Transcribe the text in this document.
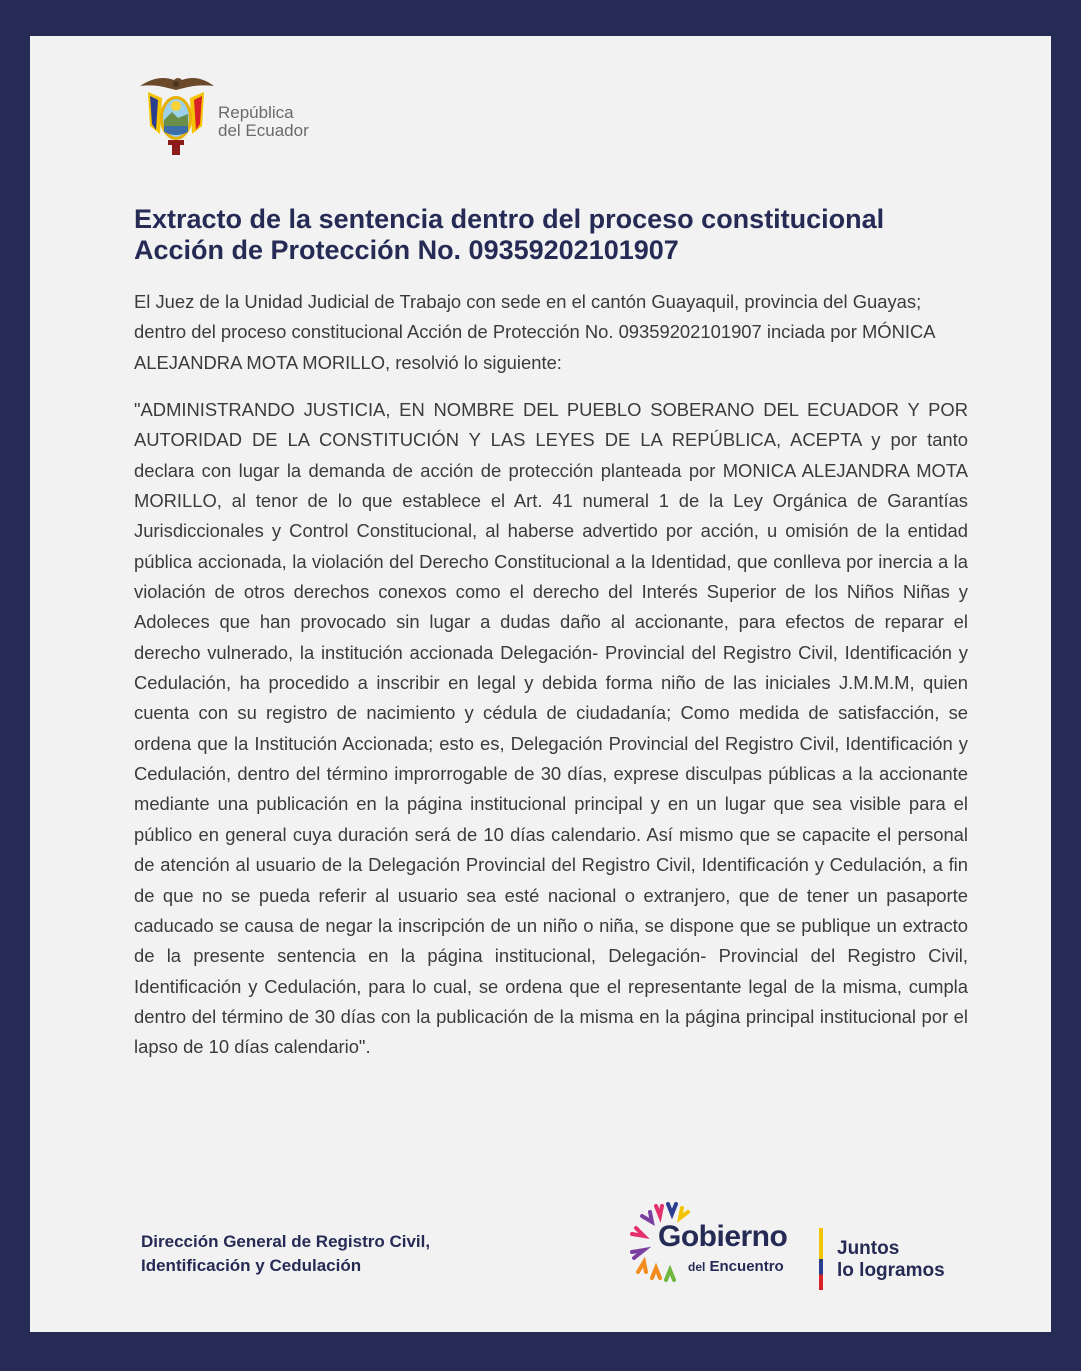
República
del Ecuador
Extracto de la sentencia dentro del proceso constitucional
Acción de Protección No. 09359202101907

El Juez de la Unidad Judicial de Trabajo con sede en el cantón Guayaquil, provincia del Guayas; dentro del proceso constitucional Acción de Protección No. 09359202101907 inciada por MÓNICA ALEJANDRA MOTA MORILLO, resolvió lo siguiente:

"ADMINISTRANDO JUSTICIA, EN NOMBRE DEL PUEBLO SOBERANO DEL ECUADOR Y POR AUTORIDAD DE LA CONSTITUCIÓN Y LAS LEYES DE LA REPÚBLICA, ACEPTA y por tanto declara con lugar la demanda de acción de protección planteada por MONICA ALEJANDRA MOTA MORILLO, al tenor de lo que establece el Art. 41 numeral 1 de la Ley Orgánica de Garantías Jurisdiccionales y Control Constitucional, al haberse advertido por acción, u omisión de la entidad pública accionada, la violación del Derecho Constitucional a la Identidad, que conlleva por inercia a la violación de otros derechos conexos como el derecho del Interés Superior de los Niños Niñas y Adoleces que han provocado sin lugar a dudas daño al accionante, para efectos de reparar el derecho vulnerado, la institución accionada Delegación- Provincial del Registro Civil, Identificación y Cedulación, ha procedido a inscribir en legal y debida forma niño de las iniciales J.M.M.M, quien cuenta con su registro de nacimiento y cédula de ciudadanía; Como medida de satisfacción, se ordena que la Institución Accionada; esto es, Delegación Provincial del Registro Civil, Identificación y Cedulación, dentro del término improrrogable de 30 días, exprese disculpas públicas a la accionante mediante una publicación en la página institucional principal y en un lugar que sea visible para el público en general cuya duración será de 10 días calendario. Así mismo que se capacite el personal de atención al usuario de la Delegación Provincial del Registro Civil, Identificación y Cedulación, a fin de que no se pueda referir al usuario sea esté nacional o extranjero, que de tener un pasaporte caducado se causa de negar la inscripción de un niño o niña, se dispone que se publique un extracto de la presente sentencia en la página institucional, Delegación- Provincial del Registro Civil, Identificación y Cedulación, para lo cual, se ordena que el representante legal de la misma, cumpla dentro del término de 30 días con la publicación de la misma en la página principal institucional por el lapso de 10 días calendario".

Dirección General de Registro Civil,
Identificación y Cedulación
Gobierno
del Encuentro
Juntos
lo logramos
